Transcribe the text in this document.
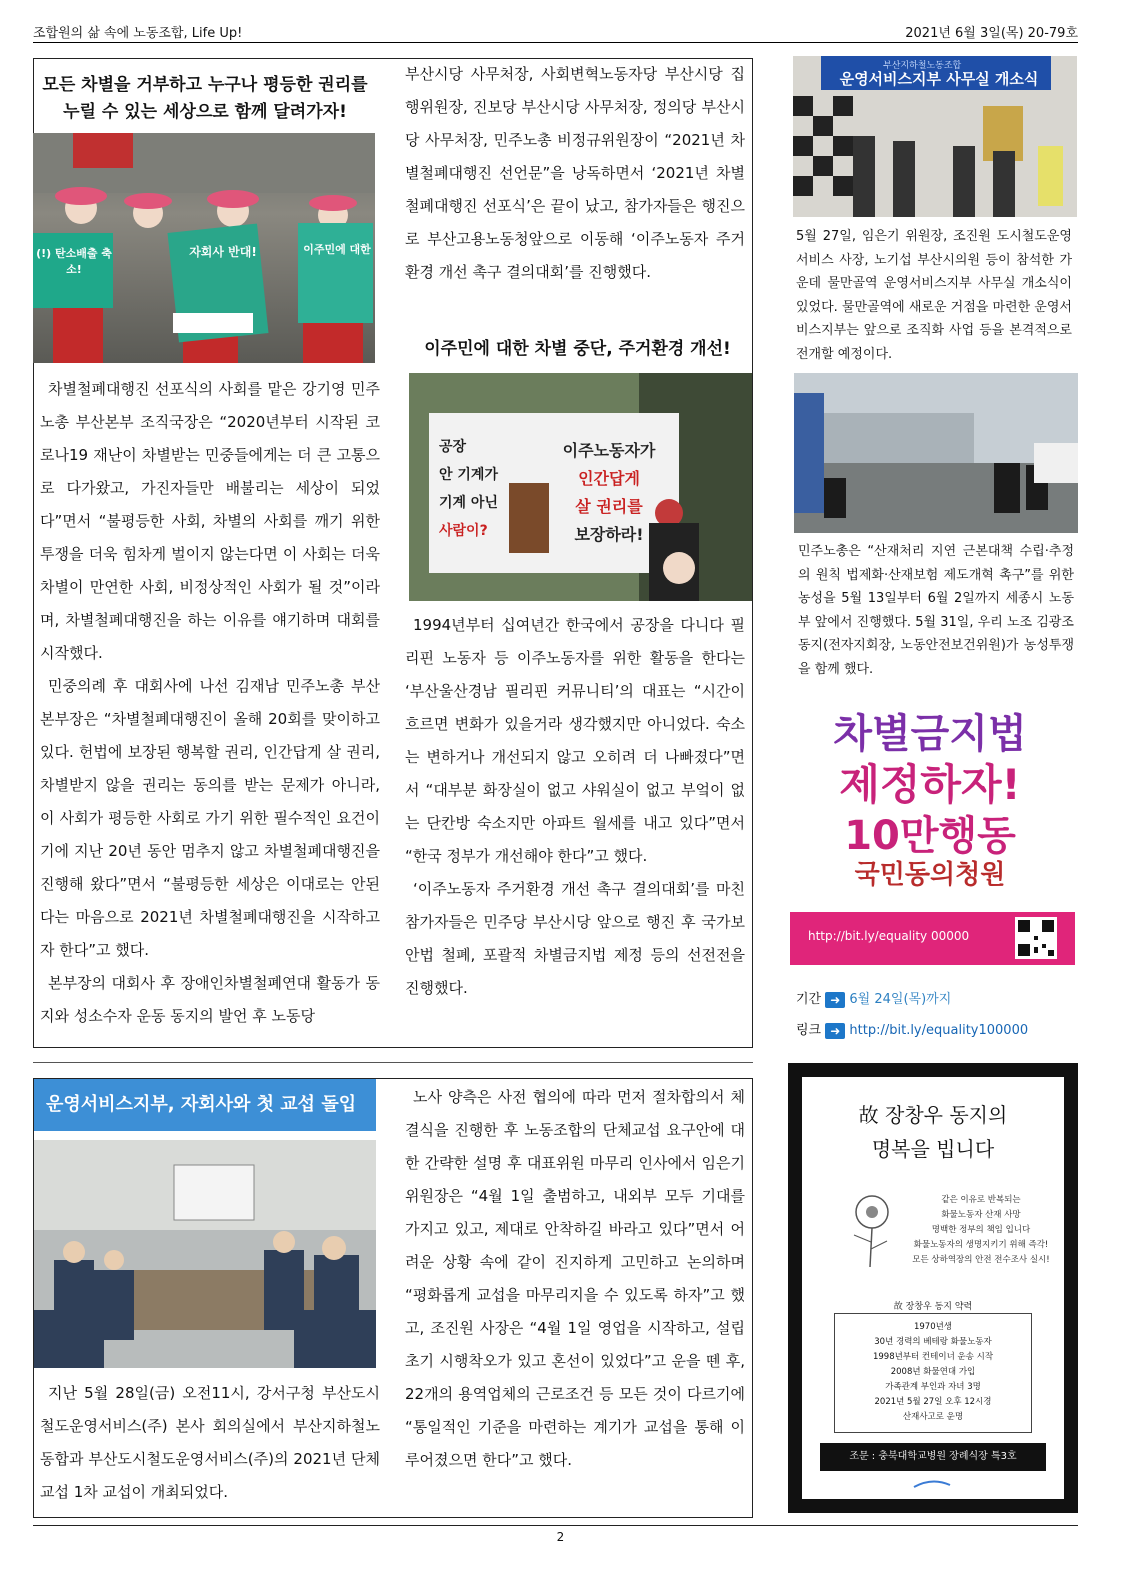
조합원의 삶 속에 노동조합, Life Up!	2021년 6월 3일(목) 20-79호
모든 차별을 거부하고 누구나 평등한 권리를
누릴 수 있는 세상으로 함께 달려가자!
(!) 탄소배출 축소!
자회사 반대!	이주민에 대한

차별철폐대행진 선포식의 사회를 맡은 강기영 민주노총 부산본부 조직국장은 “2020년부터 시작된 코로나19 재난이 차별받는 민중들에게는 더 큰 고통으로 다가왔고, 가진자들만 배불리는 세상이 되었다”면서 “불평등한 사회, 차별의 사회를 깨기 위한 투쟁을 더욱 힘차게 벌이지 않는다면 이 사회는 더욱 차별이 만연한 사회, 비정상적인 사회가 될 것”이라며, 차별철폐대행진을 하는 이유를 얘기하며 대회를 시작했다.

민중의례 후 대회사에 나선 김재남 민주노총 부산본부장은 “차별철폐대행진이 올해 20회를 맞이하고 있다. 헌법에 보장된 행복할 권리, 인간답게 살 권리, 차별받지 않을 권리는 동의를 받는 문제가 아니라, 이 사회가 평등한 사회로 가기 위한 필수적인 요건이기에 지난 20년 동안 멈추지 않고 차별철폐대행진을 진행해 왔다”면서 “불평등한 세상은 이대로는 안된다는 마음으로 2021년 차별철폐대행진을 시작하고자 한다”고 했다.

본부장의 대회사 후 장애인차별철폐연대 활동가 동지와 성소수자 운동 동지의 발언 후 노동당

부산시당 사무처장, 사회변혁노동자당 부산시당 집행위원장, 진보당 부산시당 사무처장, 정의당 부산시당 사무처장, 민주노총 비정규위원장이 “2021년 차별철폐대행진 선언문”을 낭독하면서 ‘2021년 차별철폐대행진 선포식’은 끝이 났고, 참가자들은 행진으로 부산고용노동청앞으로 이동해 ‘이주노동자 주거환경 개선 촉구 결의대회’를 진행했다.

이주민에 대한 차별 중단, 주거환경 개선!
공장
안 기계가
기계 아닌
사람이?
이주노동자가
인간답게
살 권리를
보장하라!

1994년부터 십여년간 한국에서 공장을 다니다 필리핀 노동자 등 이주노동자를 위한 활동을 한다는 ‘부산울산경남 필리핀 커뮤니티’의 대표는 “시간이 흐르면 변화가 있을거라 생각했지만 아니었다. 숙소는 변하거나 개선되지 않고 오히려 더 나빠졌다”면서 “대부분 화장실이 없고 샤워실이 없고 부엌이 없는 단칸방 숙소지만 아파트 월세를 내고 있다”면서 “한국 정부가 개선해야 한다”고 했다.

‘이주노동자 주거환경 개선 촉구 결의대회’를 마친 참가자들은 민주당 부산시당 앞으로 행진 후 국가보안법 철폐, 포괄적 차별금지법 제정 등의 선전전을 진행했다.

운영서비스지부, 자회사와 첫 교섭 돌입

지난 5월 28일(금) 오전11시, 강서구청 부산도시철도운영서비스(주) 본사 회의실에서 부산지하철노동합과 부산도시철도운영서비스(주)의 2021년 단체교섭 1차 교섭이 개최되었다.

노사 양측은 사전 협의에 따라 먼저 절차합의서 체결식을 진행한 후 노동조합의 단체교섭 요구안에 대한 간략한 설명 후 대표위원 마무리 인사에서 임은기 위원장은 “4월 1일 출범하고, 내외부 모두 기대를 가지고 있고, 제대로 안착하길 바라고 있다”면서 어려운 상황 속에 같이 진지하게 고민하고 논의하며 “평화롭게 교섭을 마무리지을 수 있도록 하자”고 했고, 조진원 사장은 “4월 1일 영업을 시작하고, 설립초기 시행착오가 있고 혼선이 있었다”고 운을 뗀 후, 22개의 용역업체의 근로조건 등 모든 것이 다르기에 “통일적인 기준을 마련하는 계기가 교섭을 통해 이루어졌으면 한다”고 했다.

부산지하철노동조합
운영서비스지부 사무실 개소식
5월 27일, 임은기 위원장, 조진원 도시철도운영서비스 사장, 노기섭 부산시의원 등이 참석한 가운데 물만골역 운영서비스지부 사무실 개소식이 있었다. 물만골역에 새로운 거점을 마련한 운영서비스지부는 앞으로 조직화 사업 등을 본격적으로 전개할 예정이다.
민주노총은 “산재처리 지연 근본대책 수립·추정의 원칙 법제화·산재보험 제도개혁 촉구”를 위한 농성을 5월 13일부터 6월 2일까지 세종시 노동부 앞에서 진행했다. 5월 31일, 우리 노조 김광조 동지(전자지회장, 노동안전보건위원)가 농성투쟁을 함께 했다.
차별금지법
제정하자!
10만행동
국민동의청원
http://bit.ly/equality 00000
기간 ➜ 6월 24일(목)까지
링크 ➜ http://bit.ly/equality100000
故 장창우 동지의
명복을 빕니다
같은 이유로 반복되는
화물노동자 산재 사망
명백한 정부의 책임 입니다
화물노동자의 생명지키기 위해 즉각!
모든 상하역장의 안전 전수조사 실시!
故 장창우 동지 약력
1970년생
30년 경력의 베테랑 화물노동자
1998년부터 컨테이너 운송 시작
2008년 화물연대 가입
가족관계 부인과 자녀 3명
2021년 5월 27일 오후 12시경
산재사고로 운명
조문 : 충북대학교병원 장례식장 특3호
2
